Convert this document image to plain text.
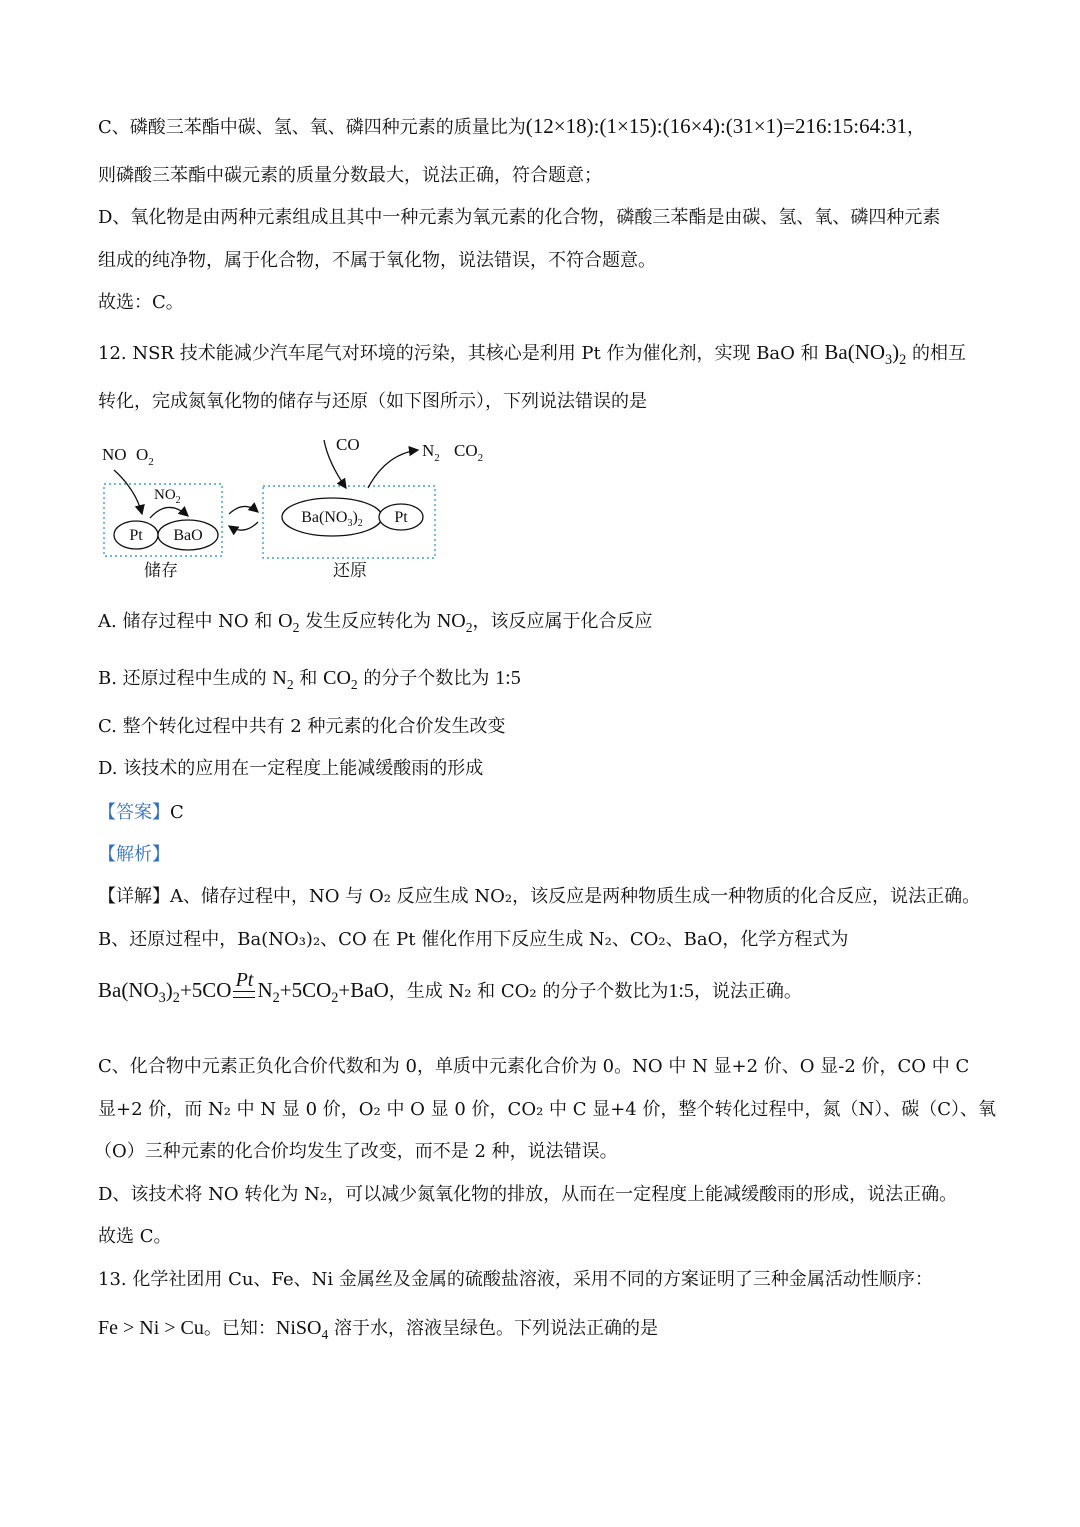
C、磷酸三苯酯中碳、氢、氧、磷四种元素的质量比为(12×18):(1×15):(16×4):(31×1)=216:15:64:31，
则磷酸三苯酯中碳元素的质量分数最大，说法正确，符合题意；
D、氧化物是由两种元素组成且其中一种元素为氧元素的化合物，磷酸三苯酯是由碳、氢、氧、磷四种元素
组成的纯净物，属于化合物，不属于氧化物，说法错误，不符合题意。
故选：C。
12. NSR 技术能减少汽车尾气对环境的污染，其核心是利用 Pt 作为催化剂，实现 BaO 和 $Ba(NO_3)_2$ 的相互
转化，完成氮氧化物的储存与还原（如下图所示），下列说法错误的是
NO $O_2$
$NO_2$
Pt BaO
储存
CO	$N_2$ $CO_2$
$Ba(NO_3)_2$ Pt
还原
A. 储存过程中 NO 和 $O_2$ 发生反应转化为 $NO_2$，该反应属于化合反应
B. 还原过程中生成的 $N_2$ 和 $CO_2$ 的分子个数比为 1:5
C. 整个转化过程中共有 2 种元素的化合价发生改变
D. 该技术的应用在一定程度上能减缓酸雨的形成
【答案】C
【解析】
【详解】A、储存过程中，NO 与 O₂ 反应生成 NO₂，该反应是两种物质生成一种物质的化合反应，说法正确。
B、还原过程中，Ba(NO₃)₂、CO 在 Pt 催化作用下反应生成 N₂、CO₂、BaO，化学方程式为
$Ba(NO_3)_2+5CO$ Pt $N_2+5CO_2+BaO$ ，生成 N₂ 和 CO₂ 的分子个数比为1:5，说法正确。
C、化合物中元素正负化合价代数和为 0，单质中元素化合价为 0。NO 中 N 显+2 价、O 显-2 价，CO 中 C
显+2 价，而 N₂ 中 N 显 0 价，O₂ 中 O 显 0 价，CO₂ 中 C 显+4 价，整个转化过程中，氮（N）、碳（C）、氧
（O）三种元素的化合价均发生了改变，而不是 2 种，说法错误。
D、该技术将 NO 转化为 N₂，可以减少氮氧化物的排放，从而在一定程度上能减缓酸雨的形成，说法正确。
故选 C。
13. 化学社团用 Cu、Fe、Ni 金属丝及金属的硫酸盐溶液，采用不同的方案证明了三种金属活动性顺序：
Fe > Ni > Cu。已知：NiSO$_4$ 溶于水，溶液呈绿色。下列说法正确的是
